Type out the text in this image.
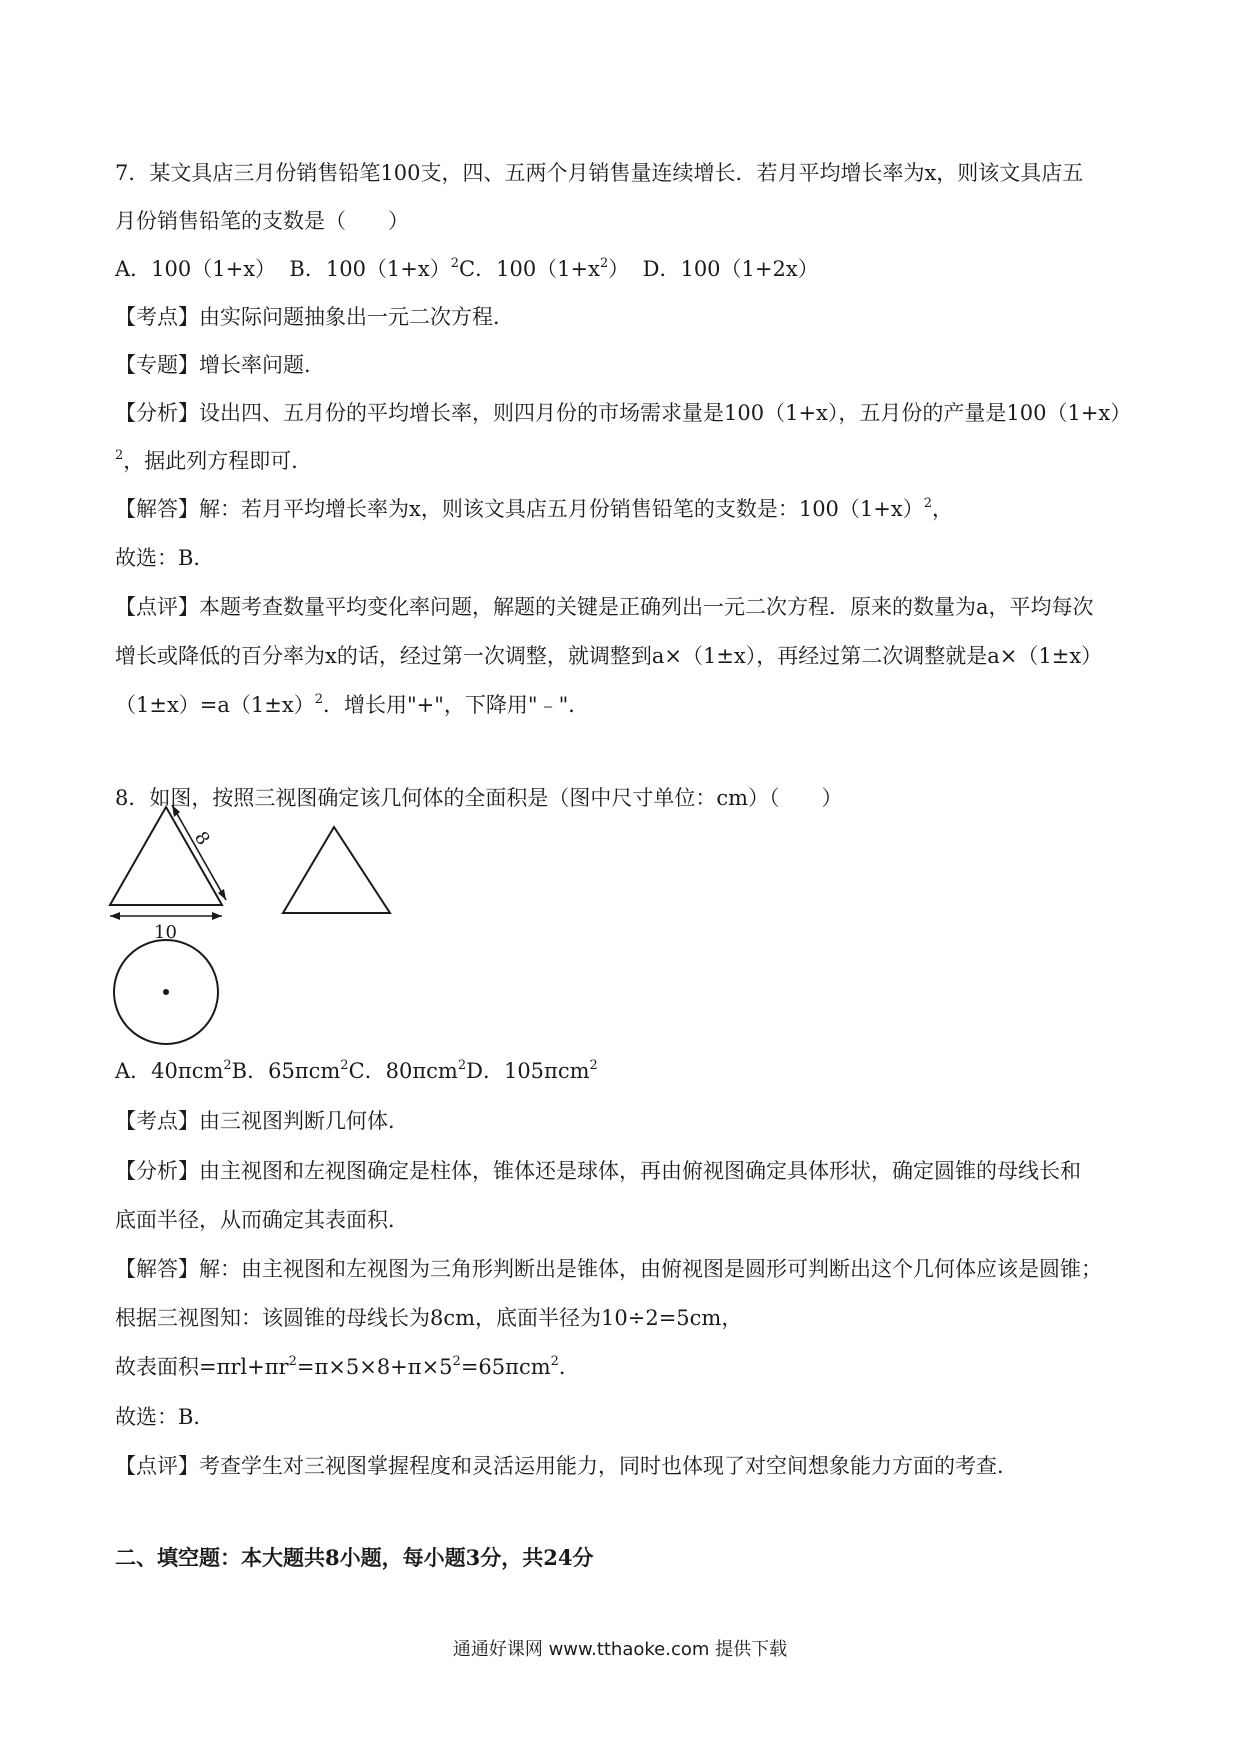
7．某文具店三月份销售铅笔100支，四、五两个月销售量连续增长．若月平均增长率为x，则该文具店五
月份销售铅笔的支数是（　　）
A．100（1+x） B．$100(1+x)^2C$．$100(1+x^2)$ D．100（1+2x）
【考点】由实际问题抽象出一元二次方程．
【专题】增长率问题．
【分析】设出四、五月份的平均增长率，则四月份的市场需求量是100（1+x），五月份的产量是100（1+x）
$^2$，据此列方程即可．
【解答】解：若月平均增长率为x，则该文具店五月份销售铅笔的支数是：$100(1+x)^2$，
故选：B．
【点评】本题考查数量平均变化率问题，解题的关键是正确列出一元二次方程．原来的数量为a，平均每次
增长或降低的百分率为x的话，经过第一次调整，就调整到a×（1±x），再经过第二次调整就是a×（1±x）
$(1\pm x)=a(1\pm x)^2$．增长用"+"，下降用"﹣"．
8．如图，按照三视图确定该几何体的全面积是（图中尺寸单位：cm）（　　）
8
10
A．40πcm$^2$B．65πcm$^2$C．80πcm$^2$D．105πcm$^2$
【考点】由三视图判断几何体．
【分析】由主视图和左视图确定是柱体，锥体还是球体，再由俯视图确定具体形状，确定圆锥的母线长和
底面半径，从而确定其表面积．
【解答】解：由主视图和左视图为三角形判断出是锥体，由俯视图是圆形可判断出这个几何体应该是圆锥；
根据三视图知：该圆锥的母线长为8cm，底面半径为10÷2=5cm，
故表面积$=\pi rl+\pi r^2=\pi\times 5\times 8+\pi\times 5^2=65\pi cm^2$．
故选：B．
【点评】考查学生对三视图掌握程度和灵活运用能力，同时也体现了对空间想象能力方面的考查．
二、填空题：本大题共8小题，每小题3分，共24分
通通好课网 www.tthaoke.com 提供下载
